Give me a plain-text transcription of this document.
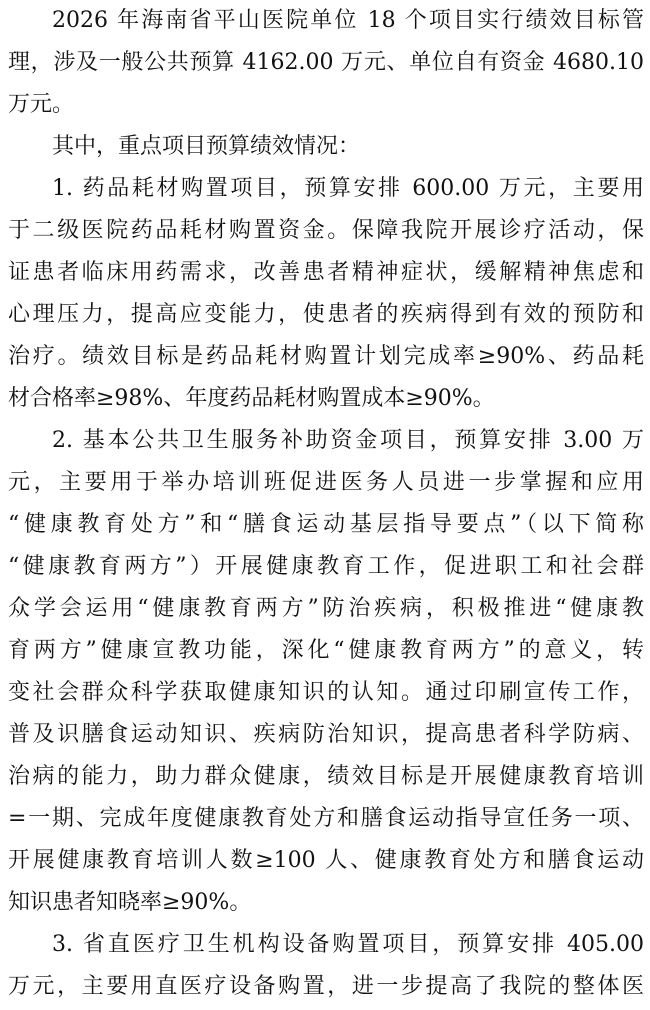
2026 年海南省平山医院单位 18 个项目实行绩效目标管
理，涉及一般公共预算 4162.00 万元、单位自有资金 4680.10
万元。
其中，重点项目预算绩效情况：
1. 药品耗材购置项目，预算安排 600.00 万元，主要用
于二级医院药品耗材购置资金。保障我院开展诊疗活动，保
证患者临床用药需求，改善患者精神症状，缓解精神焦虑和
心理压力，提高应变能力，使患者的疾病得到有效的预防和
治疗。绩效目标是药品耗材购置计划完成率≥90%、药品耗
材合格率≥98%、年度药品耗材购置成本≥90%。
2. 基本公共卫生服务补助资金项目，预算安排 3.00 万
元，主要用于举办培训班促进医务人员进一步掌握和应用
“健康教育处方”和“膳食运动基层指导要点”（以下简称
“健康教育两方”）开展健康教育工作，促进职工和社会群
众学会运用“健康教育两方”防治疾病，积极推进“健康教
育两方”健康宣教功能，深化“健康教育两方”的意义，转
变社会群众科学获取健康知识的认知。通过印刷宣传工作，
普及识膳食运动知识、疾病防治知识，提高患者科学防病、
治病的能力，助力群众健康，绩效目标是开展健康教育培训
=一期、完成年度健康教育处方和膳食运动指导宣任务一项、
开展健康教育培训人数≥100 人、健康教育处方和膳食运动
知识患者知晓率≥90%。
3. 省直医疗卫生机构设备购置项目，预算安排 405.00
万元，主要用直医疗设备购置，进一步提高了我院的整体医
